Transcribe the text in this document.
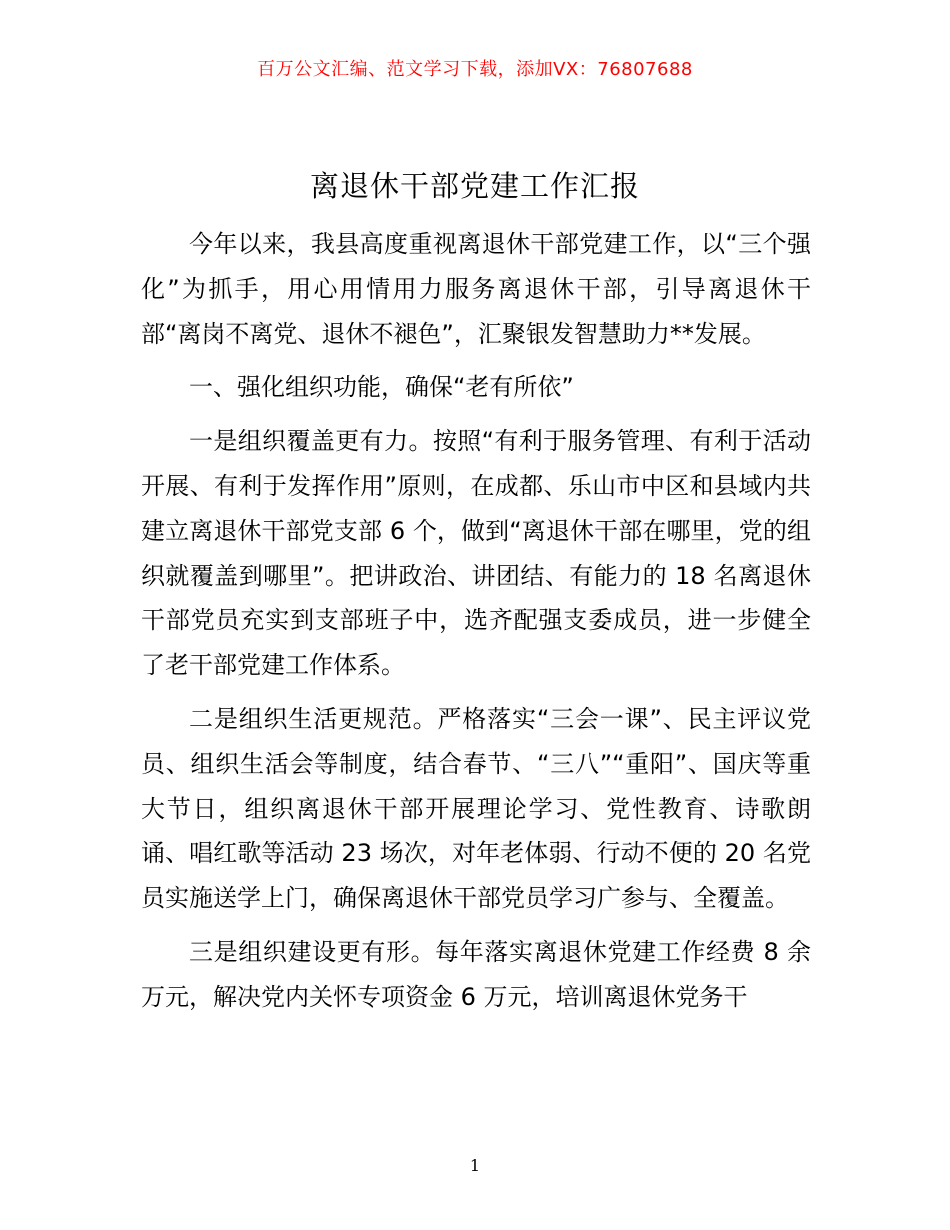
百万公文汇编、范文学习下载，添加VX：76807688
离退休干部党建工作汇报

今年以来，我县高度重视离退休干部党建工作，以“三个强化”为抓手，用心用情用力服务离退休干部，引导离退休干部“离岗不离党、退休不褪色”，汇聚银发智慧助力**发展。

一、强化组织功能，确保“老有所依”

一是组织覆盖更有力。按照“有利于服务管理、有利于活动开展、有利于发挥作用”原则，在成都、乐山市中区和县域内共建立离退休干部党支部 6 个，做到“离退休干部在哪里，党的组织就覆盖到哪里”。把讲政治、讲团结、有能力的 18 名离退休干部党员充实到支部班子中，选齐配强支委成员，进一步健全了老干部党建工作体系。

二是组织生活更规范。严格落实“三会一课”、民主评议党员、组织生活会等制度，结合春节、“三八”“重阳”、国庆等重大节日，组织离退休干部开展理论学习、党性教育、诗歌朗诵、唱红歌等活动 23 场次，对年老体弱、行动不便的 20 名党员实施送学上门，确保离退休干部党员学习广参与、全覆盖。

三是组织建设更有形。每年落实离退休党建工作经费 8 余万元，解决党内关怀专项资金 6 万元，培训离退休党务干

1
